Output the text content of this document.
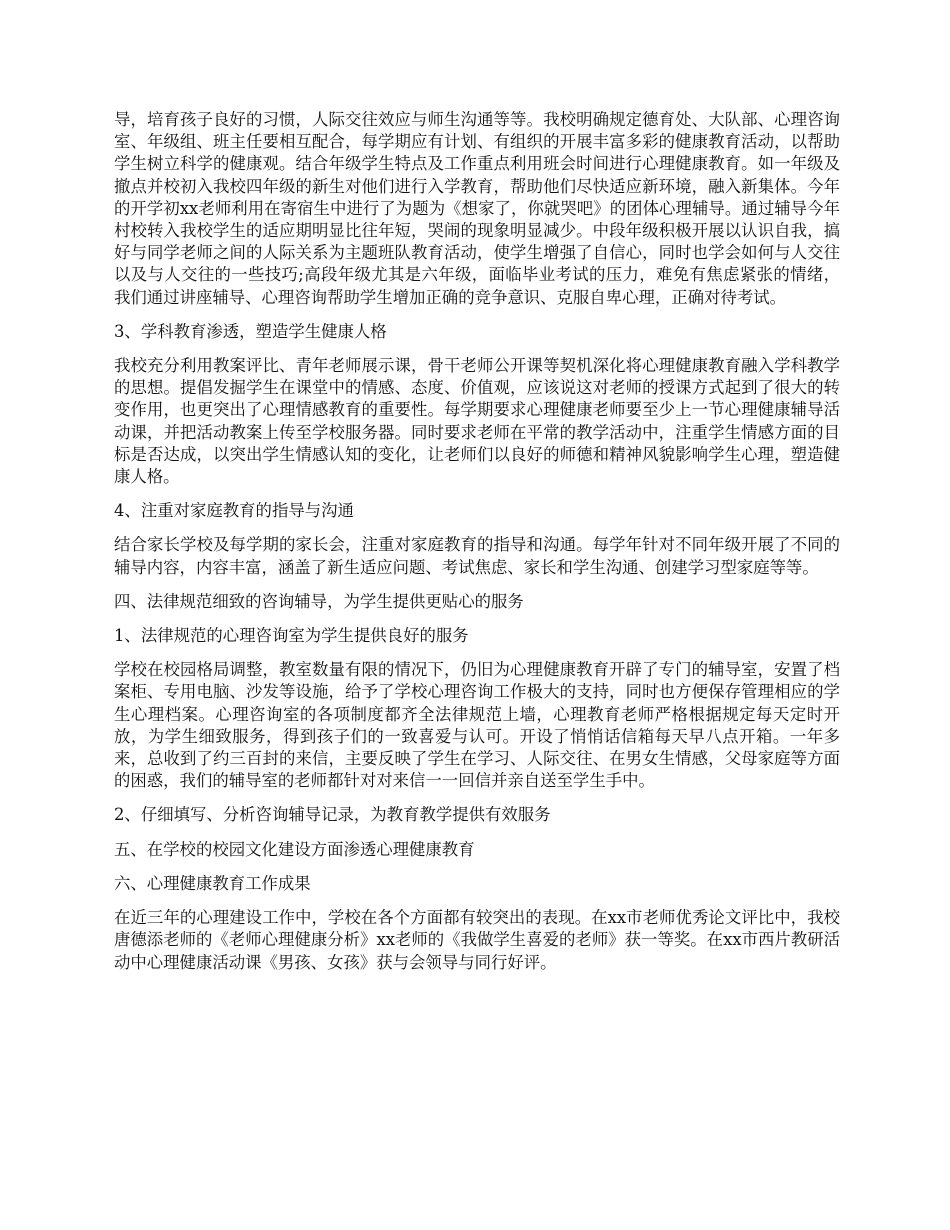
导，培育孩子良好的习惯，人际交往效应与师生沟通等等。我校明确规定德育处、大队部、心理咨询室、年级组、班主任要相互配合，每学期应有计划、有组织的开展丰富多彩的健康教育活动，以帮助学生树立科学的健康观。结合年级学生特点及工作重点利用班会时间进行心理健康教育。如一年级及撤点并校初入我校四年级的新生对他们进行入学教育，帮助他们尽快适应新环境，融入新集体。今年的开学初xx老师利用在寄宿生中进行了为题为《想家了，你就哭吧》的团体心理辅导。通过辅导今年村校转入我校学生的适应期明显比往年短，哭闹的现象明显减少。中段年级积极开展以认识自我，搞好与同学老师之间的人际关系为主题班队教育活动，使学生增强了自信心，同时也学会如何与人交往以及与人交往的一些技巧;高段年级尤其是六年级，面临毕业考试的压力，难免有焦虑紧张的情绪，我们通过讲座辅导、心理咨询帮助学生增加正确的竞争意识、克服自卑心理，正确对待考试。

3、学科教育渗透，塑造学生健康人格

我校充分利用教案评比、青年老师展示课，骨干老师公开课等契机深化将心理健康教育融入学科教学的思想。提倡发掘学生在课堂中的情感、态度、价值观，应该说这对老师的授课方式起到了很大的转变作用，也更突出了心理情感教育的重要性。每学期要求心理健康老师要至少上一节心理健康辅导活动课，并把活动教案上传至学校服务器。同时要求老师在平常的教学活动中，注重学生情感方面的目标是否达成，以突出学生情感认知的变化，让老师们以良好的师德和精神风貌影响学生心理，塑造健康人格。

4、注重对家庭教育的指导与沟通

结合家长学校及每学期的家长会，注重对家庭教育的指导和沟通。每学年针对不同年级开展了不同的辅导内容，内容丰富，涵盖了新生适应问题、考试焦虑、家长和学生沟通、创建学习型家庭等等。

四、法律规范细致的咨询辅导，为学生提供更贴心的服务

1、法律规范的心理咨询室为学生提供良好的服务

学校在校园格局调整，教室数量有限的情况下，仍旧为心理健康教育开辟了专门的辅导室，安置了档案柜、专用电脑、沙发等设施，给予了学校心理咨询工作极大的支持，同时也方便保存管理相应的学生心理档案。心理咨询室的各项制度都齐全法律规范上墙，心理教育老师严格根据规定每天定时开放，为学生细致服务，得到孩子们的一致喜爱与认可。开设了悄悄话信箱每天早八点开箱。一年多来，总收到了约三百封的来信，主要反映了学生在学习、人际交往、在男女生情感，父母家庭等方面的困惑，我们的辅导室的老师都针对对来信一一回信并亲自送至学生手中。

2、仔细填写、分析咨询辅导记录，为教育教学提供有效服务

五、在学校的校园文化建设方面渗透心理健康教育

六、心理健康教育工作成果

在近三年的心理建设工作中，学校在各个方面都有较突出的表现。在xx市老师优秀论文评比中，我校唐德添老师的《老师心理健康分析》xx老师的《我做学生喜爱的老师》获一等奖。在xx市西片教研活动中心理健康活动课《男孩、女孩》获与会领导与同行好评。
